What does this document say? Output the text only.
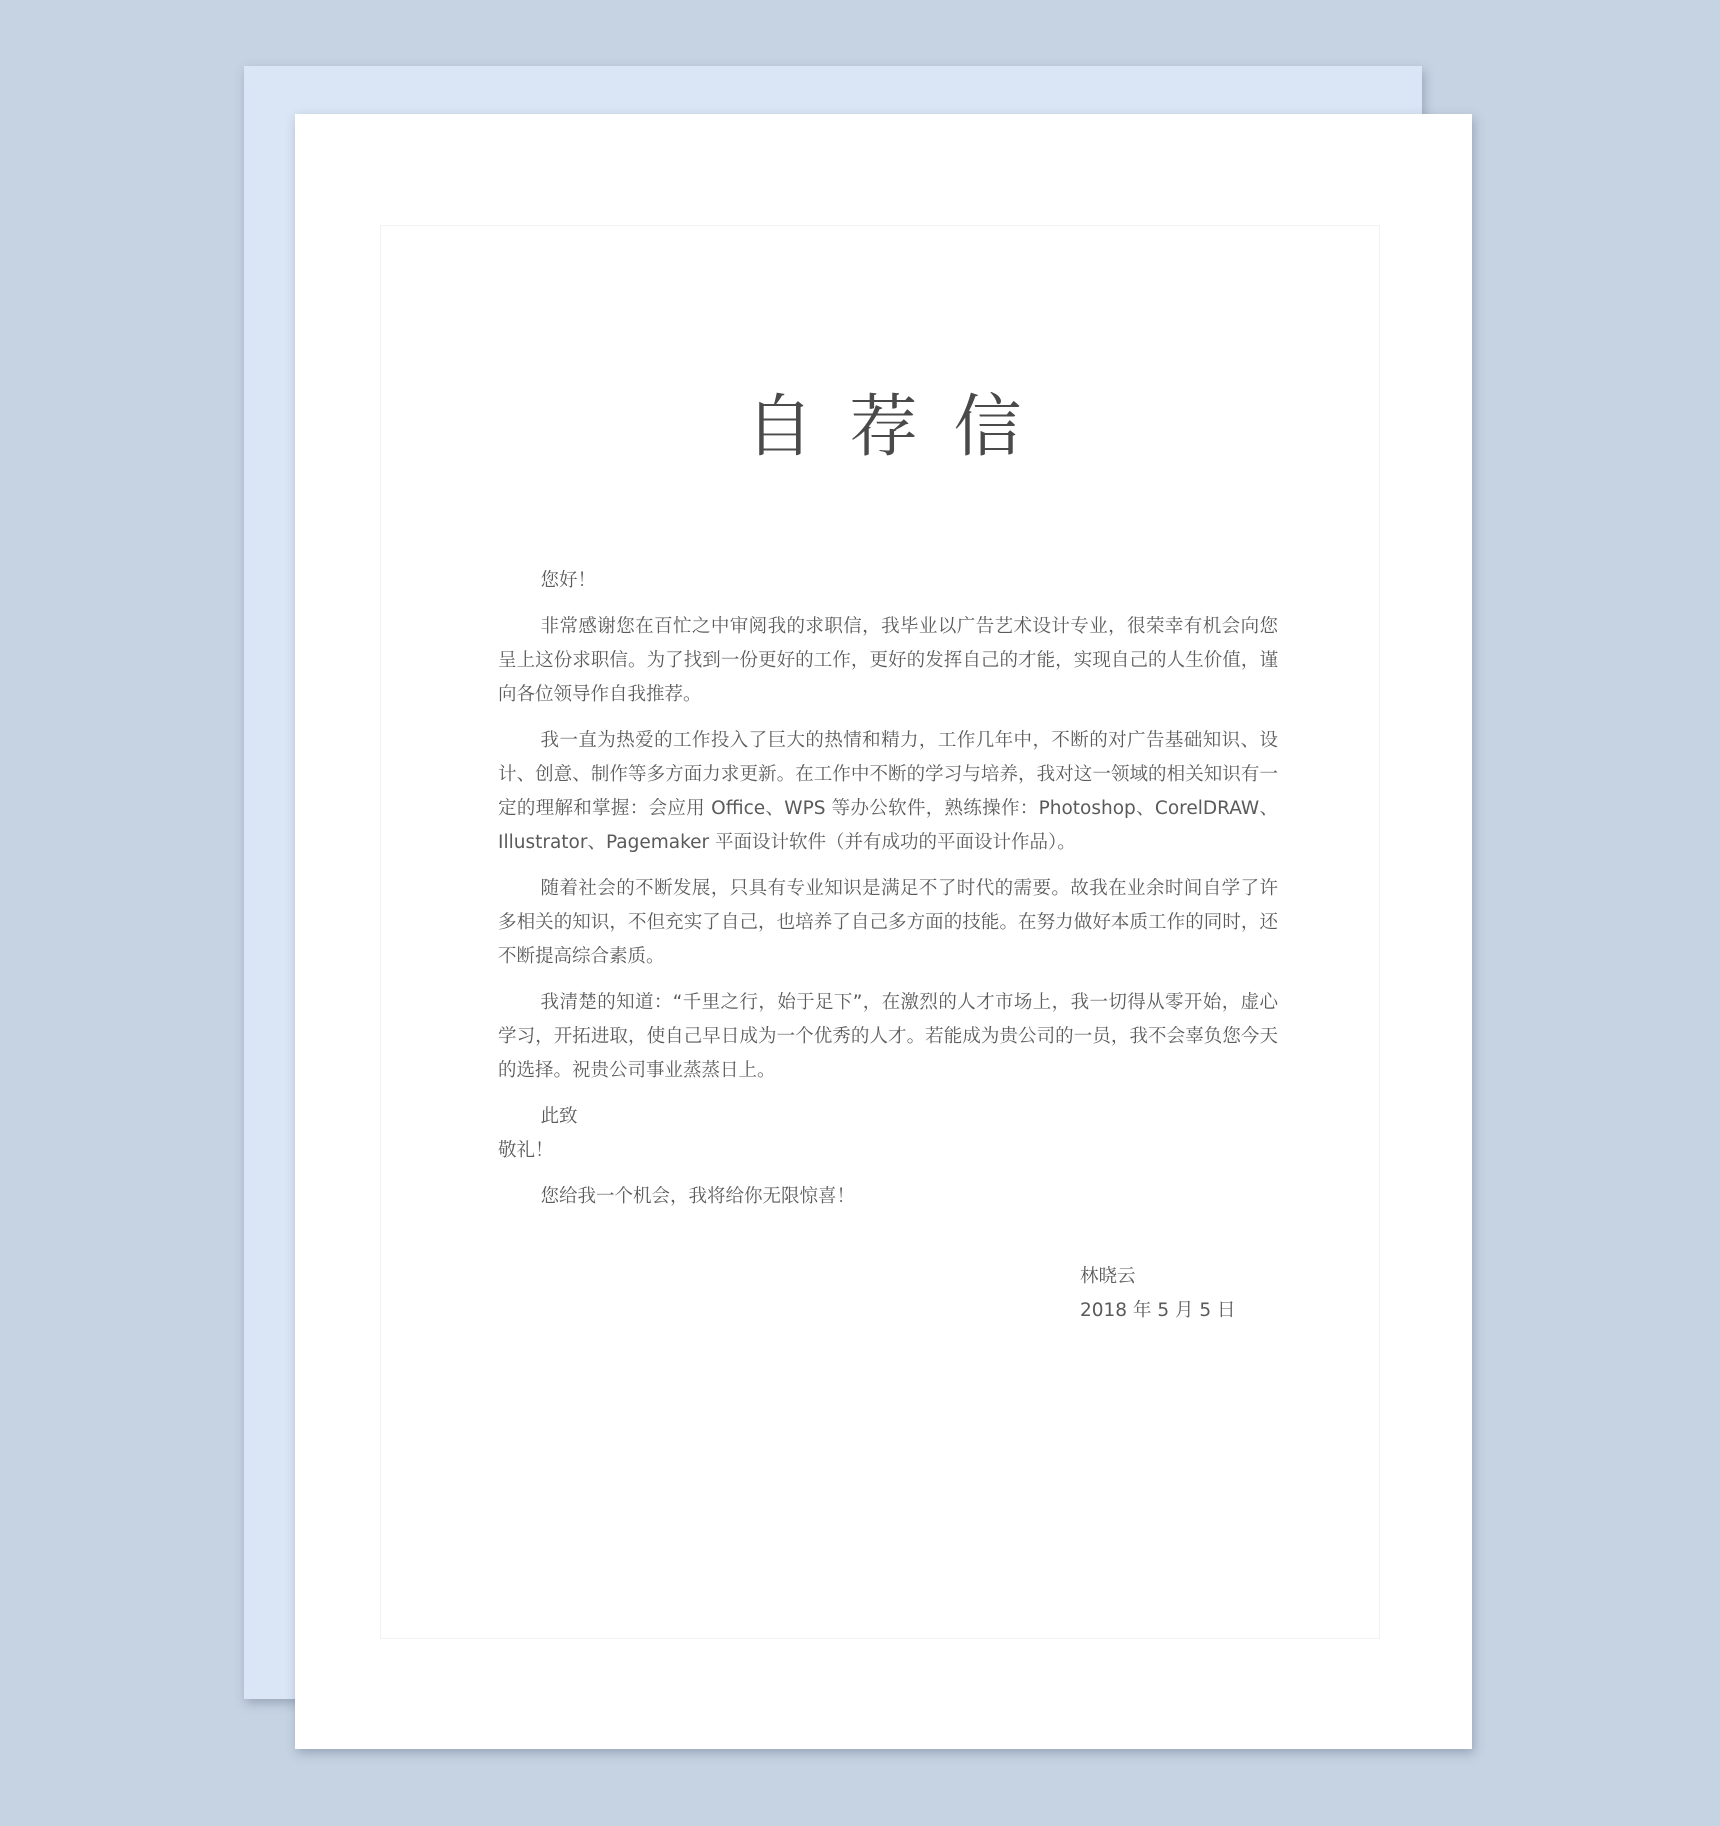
自荐信

您好！

非常感谢您在百忙之中审阅我的求职信，我毕业以广告艺术设计专业，很荣幸有机会向您呈上这份求职信。为了找到一份更好的工作，更好的发挥自己的才能，实现自己的人生价值，谨向各位领导作自我推荐。

我一直为热爱的工作投入了巨大的热情和精力，工作几年中，不断的对广告基础知识、设计、创意、制作等多方面力求更新。在工作中不断的学习与培养，我对这一领域的相关知识有一定的理解和掌握：会应用 Office、WPS 等办公软件，熟练操作：Photoshop、CorelDRAW、Illustrator、Pagemaker 平面设计软件（并有成功的平面设计作品）。

随着社会的不断发展，只具有专业知识是满足不了时代的需要。故我在业余时间自学了许多相关的知识，不但充实了自己，也培养了自己多方面的技能。在努力做好本质工作的同时，还不断提高综合素质。

我清楚的知道：“千里之行，始于足下”，在激烈的人才市场上，我一切得从零开始，虚心学习，开拓进取，使自己早日成为一个优秀的人才。若能成为贵公司的一员，我不会辜负您今天的选择。祝贵公司事业蒸蒸日上。

此致

敬礼！

您给我一个机会，我将给你无限惊喜！

林晓云
2018 年 5 月 5 日
